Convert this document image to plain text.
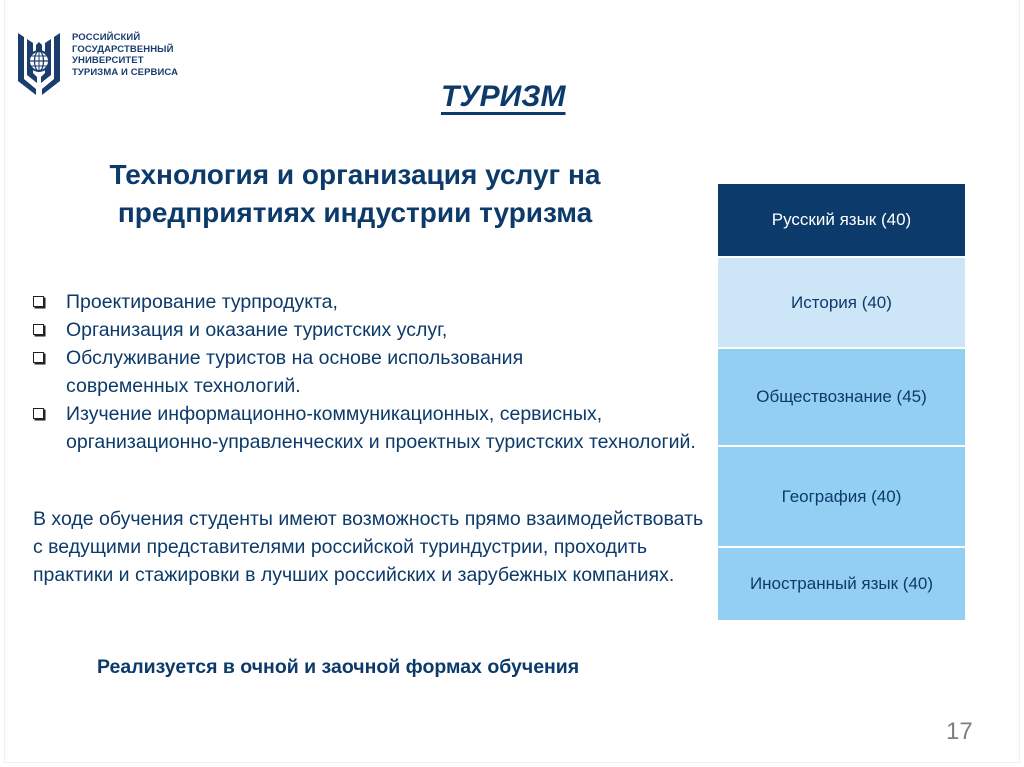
РОССИЙСКИЙ
ГОСУДАРСТВЕННЫЙ
УНИВЕРСИТЕТ
ТУРИЗМА И СЕРВИСА
ТУРИЗМ
Технология и организация услуг на предприятиях индустрии туризма
Проектирование турпродукта,
Организация и оказание туристских услуг,
Обслуживание туристов на основе использования современных технологий.
Изучение информационно-коммуникационных, сервисных, организационно-управленческих и проектных туристских технологий.
В ходе обучения студенты имеют возможность прямо взаимодействовать с ведущими представителями российской туриндустрии, проходить практики и стажировки в лучших российских и зарубежных компаниях.
Реализуется в очной и заочной формах обучения
Русский язык (40)
История (40)
Обществознание (45)
География (40)
Иностранный язык (40)
17
